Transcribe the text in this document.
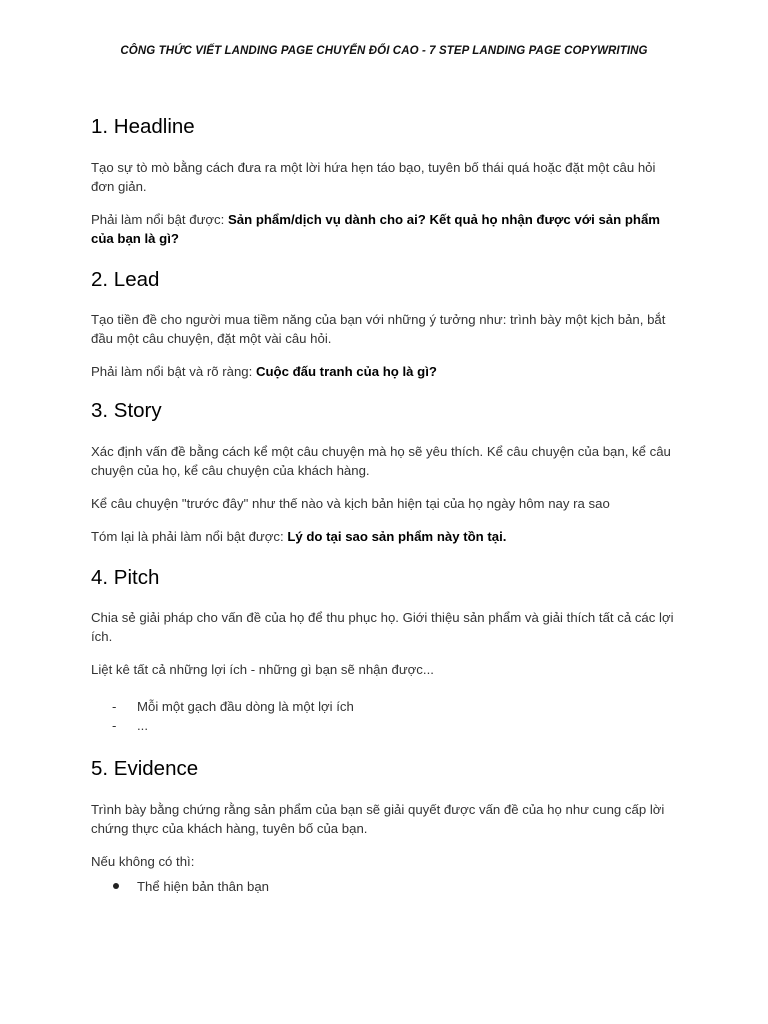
CÔNG THỨC VIẾT LANDING PAGE CHUYỂN ĐỔI CAO - 7 STEP LANDING PAGE COPYWRITING
1. Headline

Tạo sự tò mò bằng cách đưa ra một lời hứa hẹn táo bạo, tuyên bố thái quá hoặc đặt một câu hỏi đơn giản.

Phải làm nổi bật được: Sản phẩm/dịch vụ dành cho ai? Kết quả họ nhận được với sản phẩm của bạn là gì?

2. Lead

Tạo tiền đề cho người mua tiềm năng của bạn với những ý tưởng như: trình bày một kịch bản, bắt đầu một câu chuyện, đặt một vài câu hỏi.

Phải làm nổi bật và rõ ràng: Cuộc đấu tranh của họ là gì?

3. Story

Xác định vấn đề bằng cách kể một câu chuyện mà họ sẽ yêu thích. Kể câu chuyện của bạn, kể câu chuyện của họ, kể câu chuyện của khách hàng.

Kể câu chuyện "trước đây" như thế nào và kịch bản hiện tại của họ ngày hôm nay ra sao

Tóm lại là phải làm nổi bật được: Lý do tại sao sản phẩm này tồn tại.

4. Pitch

Chia sẻ giải pháp cho vấn đề của họ để thu phục họ. Giới thiệu sản phẩm và giải thích tất cả các lợi ích.

Liệt kê tất cả những lợi ích - những gì bạn sẽ nhận được...

- Mỗi một gạch đầu dòng là một lợi ích
- ...
5. Evidence

Trình bày bằng chứng rằng sản phẩm của bạn sẽ giải quyết được vấn đề của họ như cung cấp lời chứng thực của khách hàng, tuyên bố của bạn.

Nếu không có thì:

Thể hiện bản thân bạn
